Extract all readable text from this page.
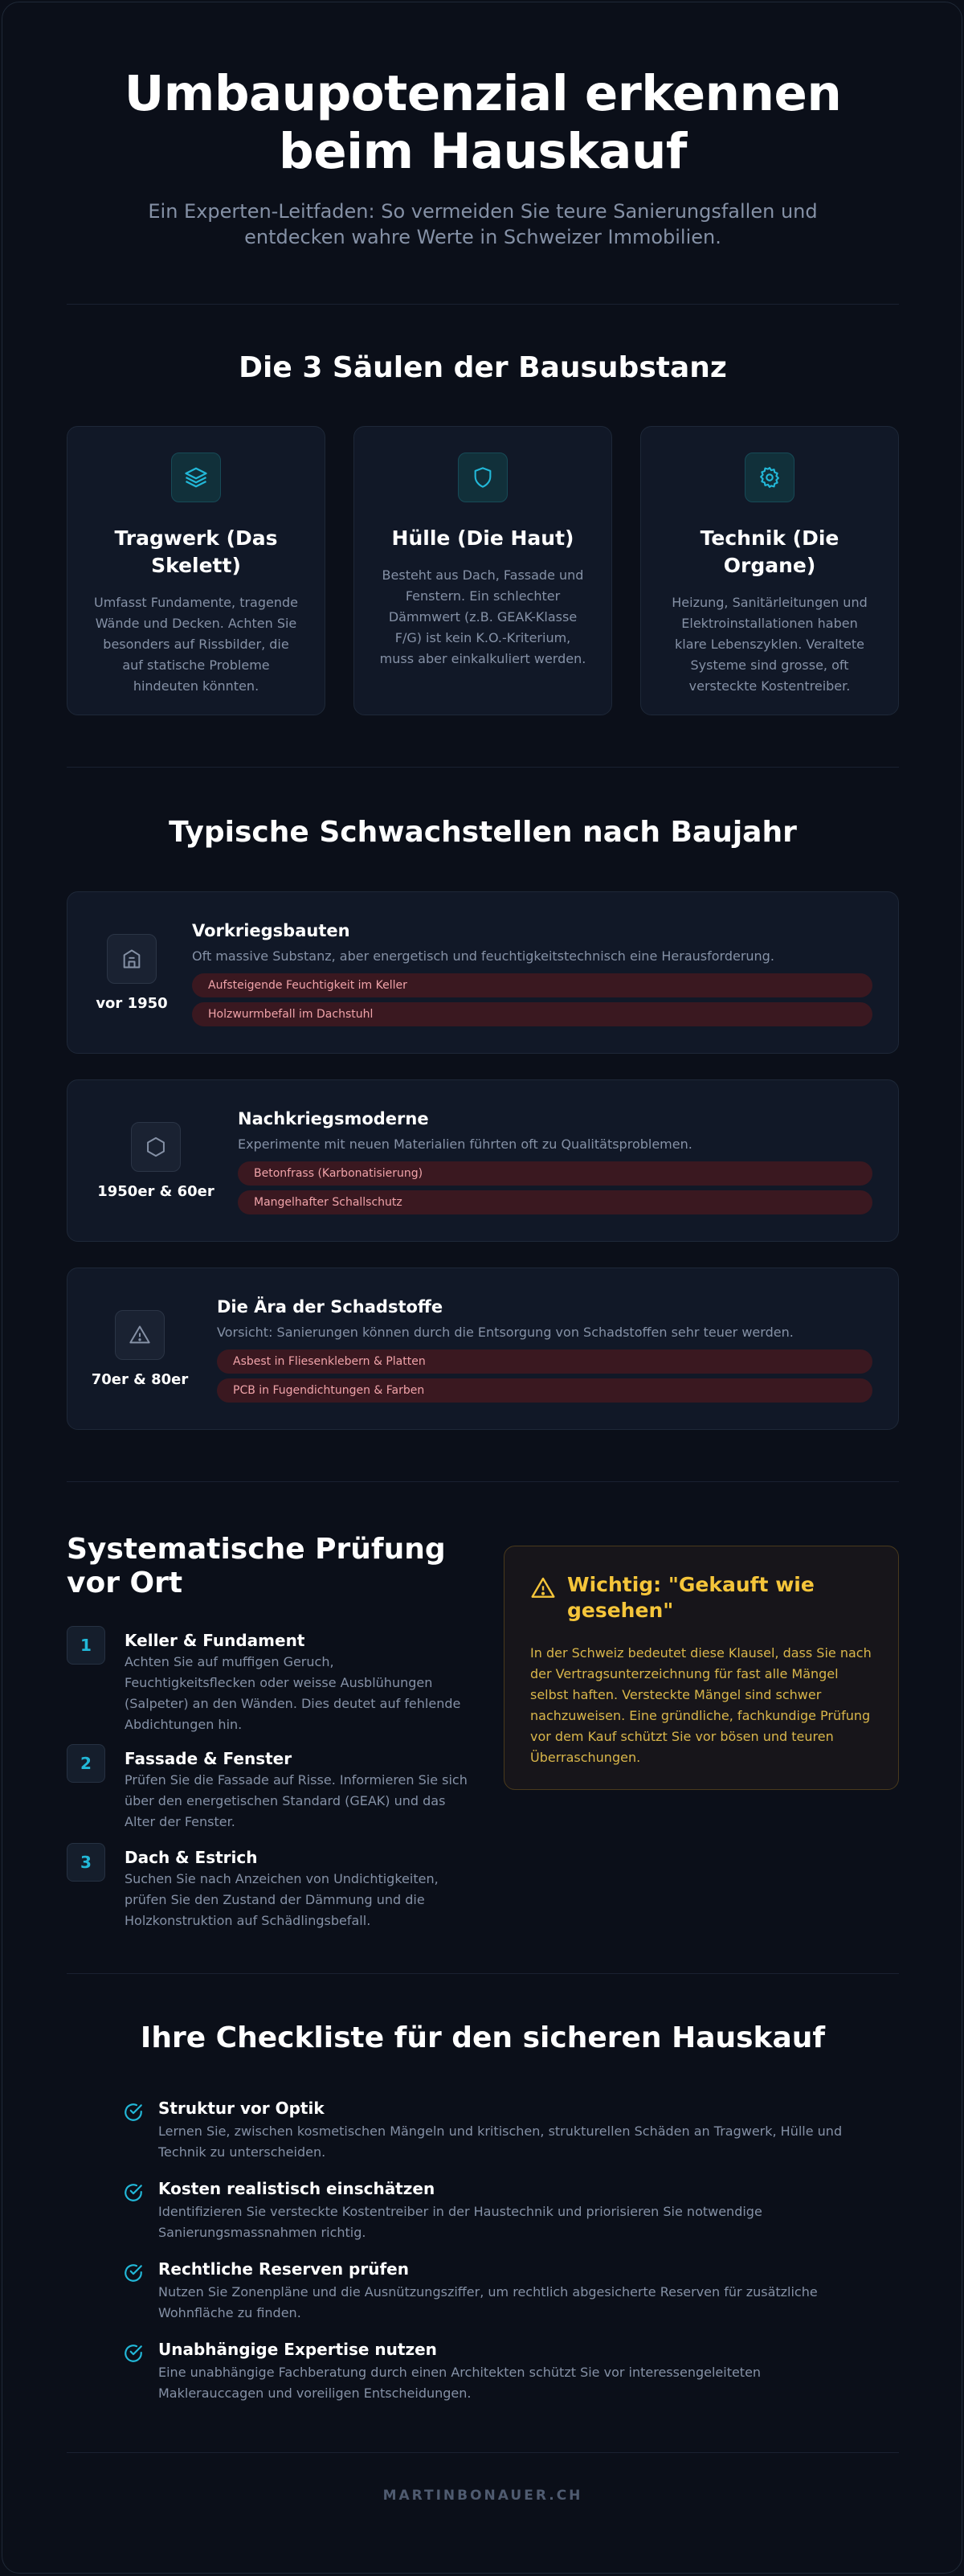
Umbaupotenzial erkennen beim Hauskauf
Ein Experten-Leitfaden: So vermeiden Sie teure Sanierungsfallen und entdecken wahre Werte in Schweizer Immobilien.
Die 3 Säulen der Bausubstanz
Tragwerk (Das Skelett)
Umfasst Fundamente, tragende Wände und Decken. Achten Sie besonders auf Rissbilder, die auf statische Probleme hindeuten könnten.
Hülle (Die Haut)
Besteht aus Dach, Fassade und Fenstern. Ein schlechter Dämmwert (z.B. GEAK-Klasse F/G) ist kein K.O.-Kriterium, muss aber einkalkuliert werden.
Technik (Die Organe)
Heizung, Sanitärleitungen und Elektroinstallationen haben klare Lebenszyklen. Veraltete Systeme sind grosse, oft versteckte Kostentreiber.
Typische Schwachstellen nach Baujahr
vor 1950
Vorkriegsbauten
Oft massive Substanz, aber energetisch und feuchtigkeitstechnisch eine Herausforderung.
Aufsteigende Feuchtigkeit im Keller
Holzwurmbefall im Dachstuhl
1950er & 60er
Nachkriegsmoderne
Experimente mit neuen Materialien führten oft zu Qualitätsproblemen.
Betonfrass (Karbonatisierung)
Mangelhafter Schallschutz
70er & 80er
Die Ära der Schadstoffe
Vorsicht: Sanierungen können durch die Entsorgung von Schadstoffen sehr teuer werden.
Asbest in Fliesenklebern & Platten
PCB in Fugendichtungen & Farben
Systematische Prüfung vor Ort
1	Keller & Fundament
Achten Sie auf muffigen Geruch, Feuchtigkeitsflecken oder weisse Ausblühungen (Salpeter) an den Wänden. Dies deutet auf fehlende Abdichtungen hin.
2	Fassade & Fenster
Prüfen Sie die Fassade auf Risse. Informieren Sie sich über den energetischen Standard (GEAK) und das Alter der Fenster.
3	Dach & Estrich
Suchen Sie nach Anzeichen von Undichtigkeiten, prüfen Sie den Zustand der Dämmung und die Holzkonstruktion auf Schädlingsbefall.
Wichtig: "Gekauft wie gesehen"
In der Schweiz bedeutet diese Klausel, dass Sie nach der Vertragsunterzeichnung für fast alle Mängel selbst haften. Versteckte Mängel sind schwer nachzuweisen. Eine gründliche, fachkundige Prüfung vor dem Kauf schützt Sie vor bösen und teuren Überraschungen.
Ihre Checkliste für den sicheren Hauskauf
Struktur vor Optik
Lernen Sie, zwischen kosmetischen Mängeln und kritischen, strukturellen Schäden an Tragwerk, Hülle und Technik zu unterscheiden.
Kosten realistisch einschätzen
Identifizieren Sie versteckte Kostentreiber in der Haustechnik und priorisieren Sie notwendige Sanierungsmassnahmen richtig.
Rechtliche Reserven prüfen
Nutzen Sie Zonenpläne und die Ausnützungsziffer, um rechtlich abgesicherte Reserven für zusätzliche Wohnfläche zu finden.
Unabhängige Expertise nutzen
Eine unabhängige Fachberatung durch einen Architekten schützt Sie vor interessengeleiteten Maklerauссagen und voreiligen Entscheidungen.
MARTINBONAUER.CH
